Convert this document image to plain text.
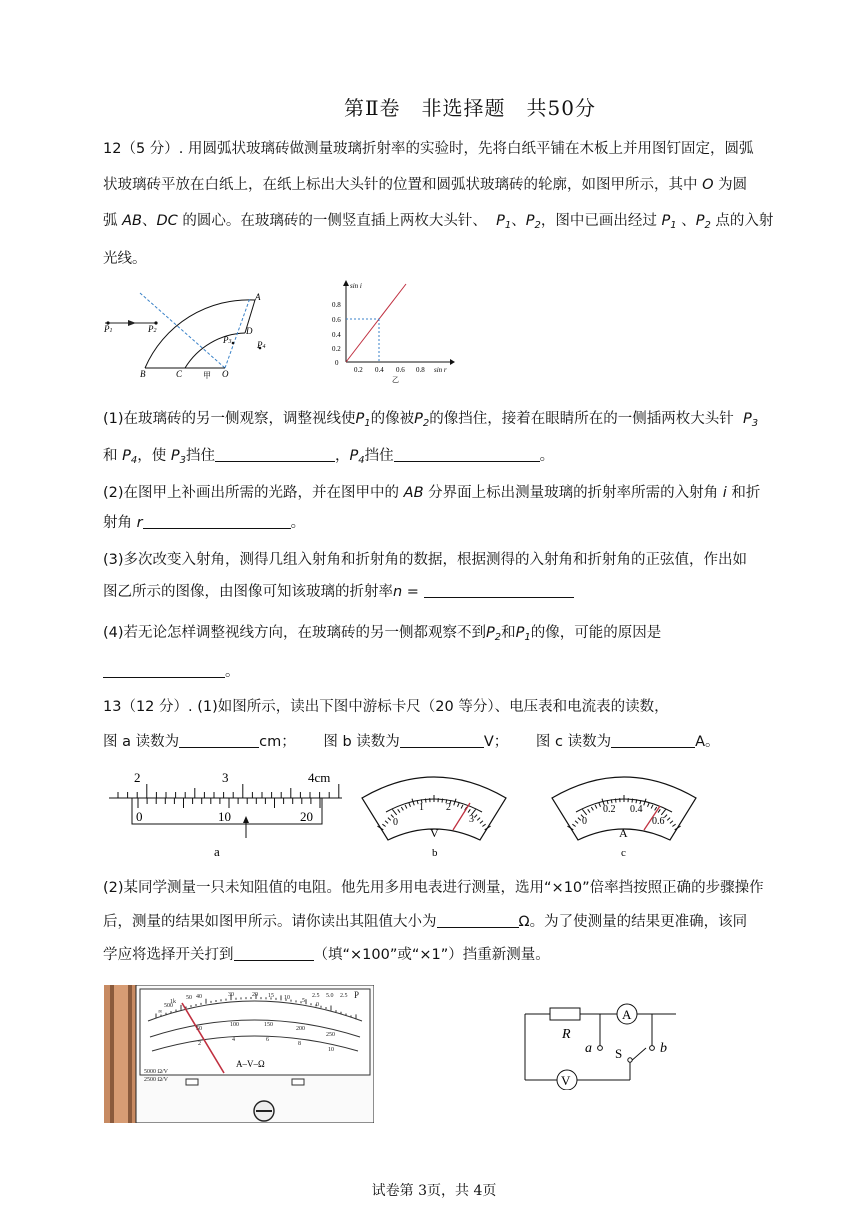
第Ⅱ卷　非选择题　共50分
12（5 分）. 用圆弧状玻璃砖做测量玻璃折射率的实验时，先将白纸平铺在木板上并用图钉固定，圆弧
状玻璃砖平放在白纸上，在纸上标出大头针的位置和圆弧状玻璃砖的轮廓，如图甲所示，其中 O 为圆
弧 AB、DC 的圆心。在玻璃砖的一侧竖直插上两枚大头针、 $P_1$、$P_2$，图中已画出经过 $P_1$ 、$P_2$ 点的入射
光线。
P1	P2
P3	P4
A
D
B	C	O
甲
0
0.2
0.4
0.6
0.8
0.2 0.4 0.6 0.8 sin r
sin i
乙
(1)在玻璃砖的另一侧观察，调整视线使$P_1$的像被$P_2$的像挡住，接着在眼睛所在的一侧插两枚大头针 $P_3$
和 $P_4$，使 $P_3$挡住	，$P_4$挡住	。
(2)在图甲上补画出所需的光路，并在图甲中的 AB 分界面上标出测量玻璃的折射率所需的入射角 i 和折
射角 r	。
(3)多次改变入射角，测得几组入射角和折射角的数据，根据测得的入射角和折射角的正弦值，作出如
图乙所示的图像，由图像可知该玻璃的折射率n =
(4)若无论怎样调整视线方向，在玻璃砖的另一侧都观察不到$P_2$和$P_1$的像，可能的原因是
。
13（12 分）. (1)如图所示，读出下图中游标卡尺（20 等分）、电压表和电流表的读数，
图 a 读数为	cm； 图 b 读数为	V； 图 c 读数为	A。
2	3	4cm
0	10	20
a
0
1 2
3
V
b
0
0.2 0.4
0.6
A
c
(2)某同学测量一只未知阻值的电阻。他先用多用电表进行测量，选用“×10”倍率挡按照正确的步骤操作
后，测量的结果如图甲所示。请你读出其阻值大小为	Ω。为了使测量的结果更准确，该同
学应将选择开关打到	（填“×100”或“×1”）挡重新测量。
∞
500
1k
50 40	30	20 15 10 5
0
2.5 5.0 2.5 P
50
100	150
200
250
2
4	6
8
10
5000 Ω/V
2500 Ω/V
A–V–Ω
R
A
V
a	b
S
试卷第 3页，共 4页
